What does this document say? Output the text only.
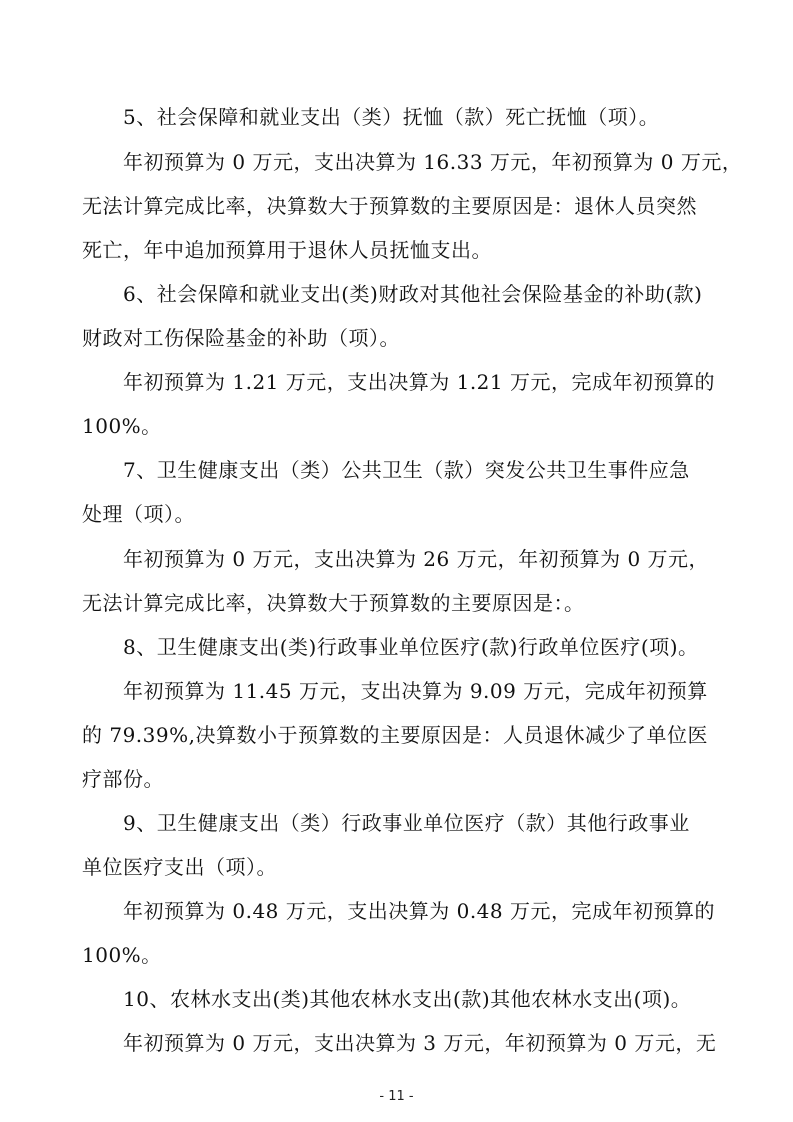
5、社会保障和就业支出（类）抚恤（款）死亡抚恤（项）。
年初预算为 0 万元，支出决算为 16.33 万元，年初预算为 0 万元，
无法计算完成比率，决算数大于预算数的主要原因是：退休人员突然
死亡，年中追加预算用于退休人员抚恤支出。
6、社会保障和就业支出(类)财政对其他社会保险基金的补助(款)
财政对工伤保险基金的补助（项）。
年初预算为 1.21 万元，支出决算为 1.21 万元，完成年初预算的
100%。
7、卫生健康支出（类）公共卫生（款）突发公共卫生事件应急
处理（项）。
年初预算为 0 万元，支出决算为 26 万元，年初预算为 0 万元，
无法计算完成比率，决算数大于预算数的主要原因是：。
8、卫生健康支出(类)行政事业单位医疗(款)行政单位医疗(项)。
年初预算为 11.45 万元，支出决算为 9.09 万元，完成年初预算
的 79.39%,决算数小于预算数的主要原因是：人员退休减少了单位医
疗部份。
9、卫生健康支出（类）行政事业单位医疗（款）其他行政事业
单位医疗支出（项）。
年初预算为 0.48 万元，支出决算为 0.48 万元，完成年初预算的
100%。
10、农林水支出(类)其他农林水支出(款)其他农林水支出(项)。
年初预算为 0 万元，支出决算为 3 万元，年初预算为 0 万元，无
- 11 -
